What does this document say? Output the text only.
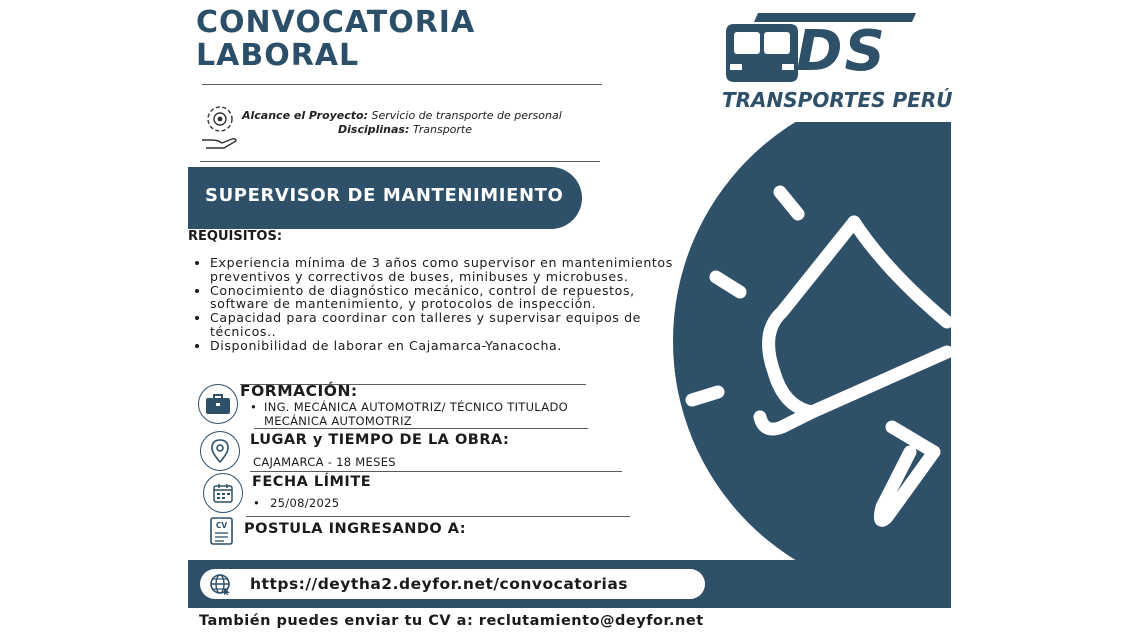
CONVOCATORIA
LABORAL	DS
TRANSPORTES PERÚ
Alcance el Proyecto: Servicio de transporte de personal
Disciplinas: Transporte
SUPERVISOR DE MANTENIMIENTO
REQUISITOS:
• Experiencia mínima de 3 años como supervisor en mantenimientos preventivos y correctivos de buses, minibuses y microbuses.
• Conocimiento de diagnóstico mecánico, control de repuestos, software de mantenimiento, y protocolos de inspección.
• Capacidad para coordinar con talleres y supervisar equipos de técnicos..
• Disponibilidad de laborar en Cajamarca-Yanacocha.
FORMACIÓN:
• ING. MECÁNICA AUTOMOTRIZ/ TÉCNICO TITULADO MECÁNICA AUTOMOTRIZ
LUGAR y TIEMPO DE LA OBRA:
CAJAMARCA - 18 MESES
FECHA LÍMITE
• 25/08/2025
CV POSTULA INGRESANDO A:
https://deytha2.deyfor.net/convocatorias
También puedes enviar tu CV a: reclutamiento@deyfor.net
